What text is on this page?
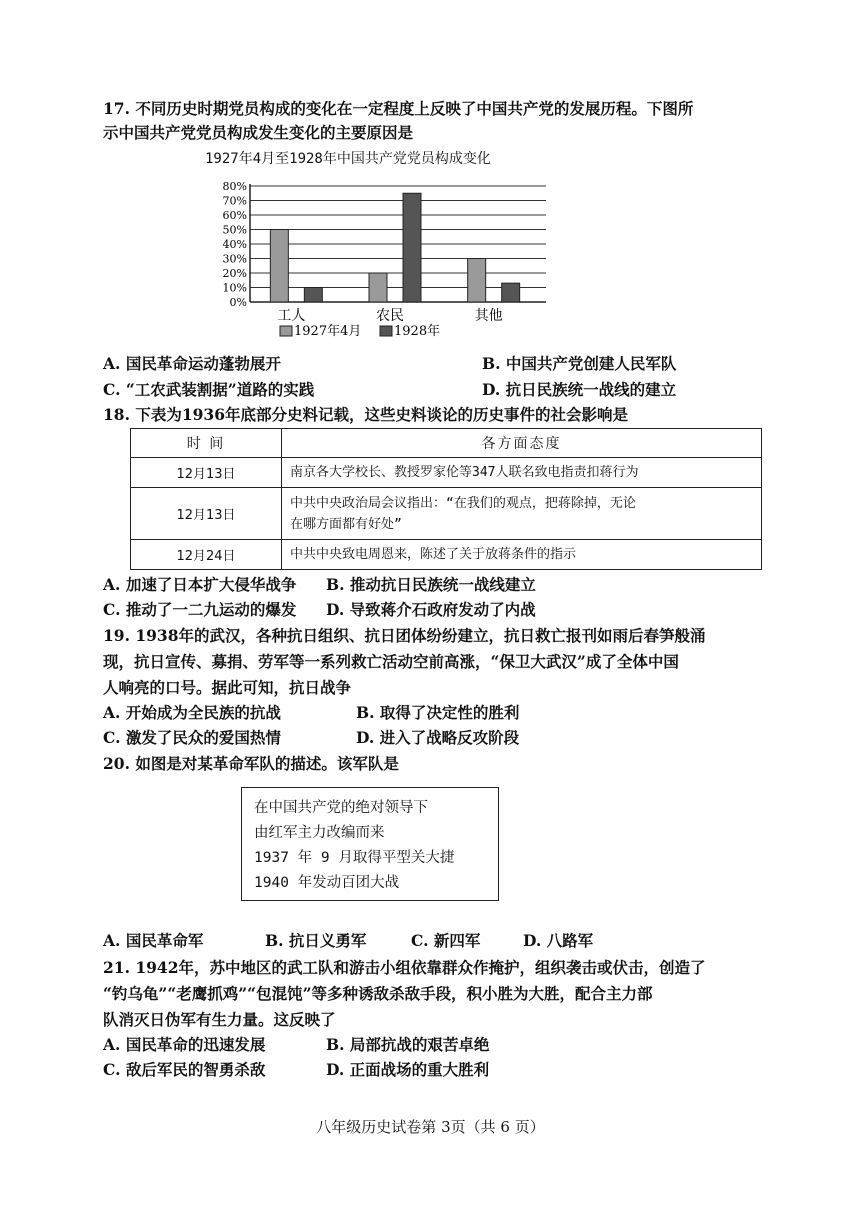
17. 不同历史时期党员构成的变化在一定程度上反映了中国共产党的发展历程。下图所
示中国共产党党员构成发生变化的主要原因是
1927年4月至1928年中国共产党党员构成变化
0%
10%
20%
30%
40%
50%
60%
70%
80%
工人	农民	其他
1927年4月	1928年
A. 国民革命运动蓬勃展开	B. 中国共产党创建人民军队
C. “工农武装割据”道路的实践	D. 抗日民族统一战线的建立
18. 下表为1936年底部分史料记载，这些史料谈论的历史事件的社会影响是
时 间	各方面态度
12月13日	南京各大学校长、教授罗家伦等347人联名致电指责扣蒋行为
12月13日	中共中央政治局会议指出：“在我们的观点，把蒋除掉，无论
在哪方面都有好处”

12月24日	中共中央致电周恩来，陈述了关于放蒋条件的指示
A. 加速了日本扩大侵华战争 B. 推动抗日民族统一战线建立
C. 推动了一二九运动的爆发 D. 导致蒋介石政府发动了内战
19. 1938年的武汉，各种抗日组织、抗日团体纷纷建立，抗日救亡报刊如雨后春笋般涌
现，抗日宣传、募捐、劳军等一系列救亡活动空前高涨，“保卫大武汉”成了全体中国
人响亮的口号。据此可知，抗日战争
A. 开始成为全民族的抗战	B. 取得了决定性的胜利
C. 激发了民众的爱国热情	D. 进入了战略反攻阶段
20. 如图是对某革命军队的描述。该军队是
在中国共产党的绝对领导下
由红军主力改编而来
1937 年 9 月取得平型关大捷
1940 年发动百团大战
A. 国民革命军	B. 抗日义勇军	C. 新四军	D. 八路军
21. 1942年，苏中地区的武工队和游击小组依靠群众作掩护，组织袭击或伏击，创造了
“钓乌龟”“老鹰抓鸡”“包混饨”等多种诱敌杀敌手段，积小胜为大胜，配合主力部
队消灭日伪军有生力量。这反映了
A. 国民革命的迅速发展	B. 局部抗战的艰苦卓绝
C. 敌后军民的智勇杀敌	D. 正面战场的重大胜利
八年级历史试卷第 3页（共 6 页）
